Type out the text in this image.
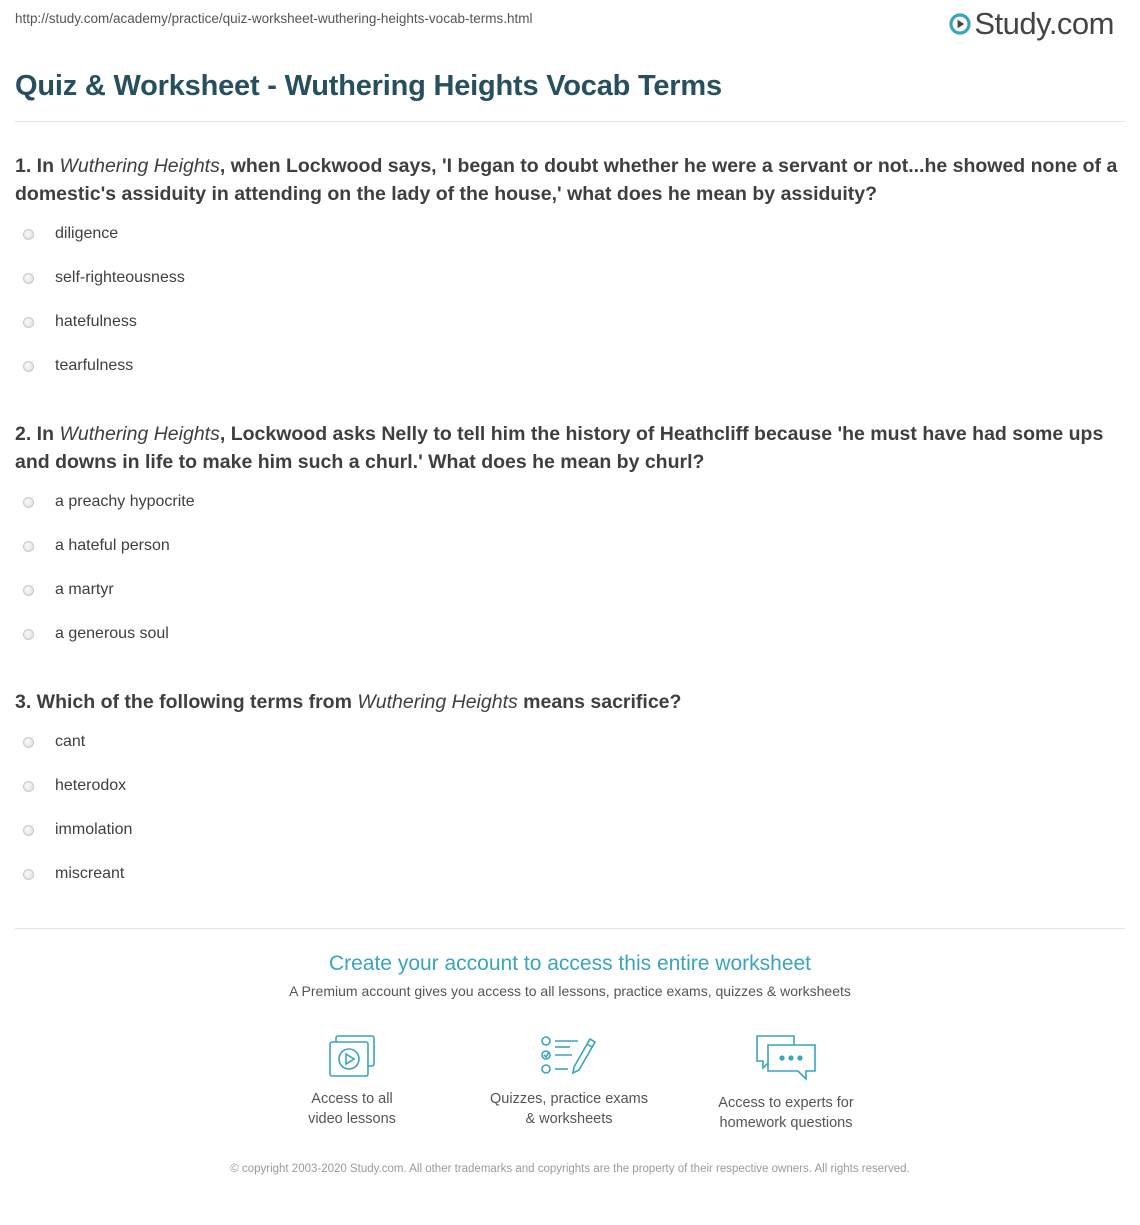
http://study.com/academy/practice/quiz-worksheet-wuthering-heights-vocab-terms.html	Study.com
Quiz & Worksheet - Wuthering Heights Vocab Terms

1. In Wuthering Heights, when Lockwood says, 'I began to doubt whether he were a servant or not...he showed none of a domestic's assiduity in attending on the lady of the house,' what does he mean by assiduity?

diligence
self-righteousness
hatefulness
tearfulness

2. In Wuthering Heights, Lockwood asks Nelly to tell him the history of Heathcliff because 'he must have had some ups and downs in life to make him such a churl.' What does he mean by churl?

a preachy hypocrite
a hateful person
a martyr
a generous soul

3. Which of the following terms from Wuthering Heights means sacrifice?

cant
heterodox
immolation
miscreant
Create your account to access this entire worksheet
A Premium account gives you access to all lessons, practice exams, quizzes & worksheets
Access to all
video lessons
Quizzes, practice exams
& worksheets
Access to experts for
homework questions
© copyright 2003-2020 Study.com. All other trademarks and copyrights are the property of their respective owners. All rights reserved.
